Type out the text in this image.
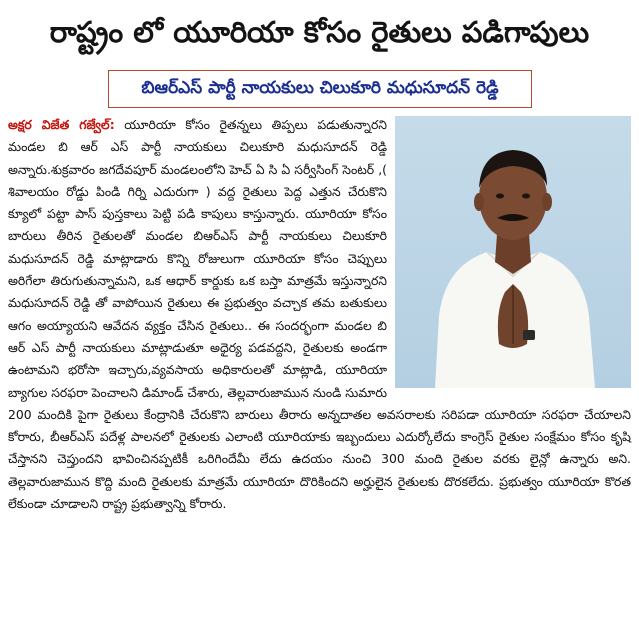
రాష్ట్రం లో యూరియా కోసం రైతులు పడిగాపులు
బిఆర్ఎస్ పార్టీ నాయకులు చిలుకూరి మధుసూదన్ రెడ్డి
అక్షర విజేత గజ్వేల్: యూరియా కోసం రైతన్నలు తిప్పలు పడుతున్నారని మండల బి ఆర్ ఎస్ పార్టీ నాయకులు చిలుకూరి మధుసూదన్ రెడ్డి అన్నారు.శుక్రవారం జగదేవపూర్ మండలంలోని హెచ్ ఏ సి ఏ సర్వీసింగ్ సెంటర్ ,( శివాలయం రోడ్డు పిండి గిర్ని ఎదురుగా ) వద్ద రైతులు పెద్ద ఎత్తున చేరుకొని క్యూలో పట్టా పాస్ పుస్తకాలు పెట్టి పడి కాపులు కాస్తున్నారు. యూరియా కోసం బారులు తీరిన రైతులతో మండల బిఆర్ఎస్ పార్టీ నాయకులు చిలుకూరి మధుసూదన్ రెడ్డి మాట్లాడారు కొన్ని రోజులుగా యూరియా కోసం చెప్పులు అరిగేలా తిరుగుతున్నామని, ఒక ఆధార్ కార్డుకు ఒక బస్తా మాత్రమే ఇస్తున్నారని మధుసూదన్ రెడ్డి తో వాపోయిన రైతులు ఈ ప్రభుత్వం వచ్చాక తమ బతుకులు ఆగం అయ్యాయని ఆవేదన వ్యక్తం చేసిన రైతులు.. ఈ సందర్భంగా మండల బి ఆర్ ఎస్ పార్టీ నాయకులు మాట్లాడుతూ అధైర్య పడవద్దని, రైతులకు అండగా ఉంటామని భరోసా ఇచ్చారు,వ్యవసాయ అధికారులతో మాట్లాడి, యూరియా బ్యాగుల సరఫరా పెంచాలని డిమాండ్ చేశారు, తెల్లవారుజామున నుండి సుమారు 200 మందికి పైగా రైతులు కేంద్రానికి చేరుకొని బారులు తీరారు అన్నదాతల అవసరాలకు సరిపడా యూరియా సరఫరా చేయాలని కోరారు, బీఆర్ఎస్ పదేళ్ల పాలనలో రైతులకు ఎలాంటి యూరియాకు ఇబ్బందులు ఎదుర్కోలేదు కాంగ్రెస్ రైతుల సంక్షేమం కోసం కృషి చేస్తానని చెప్తుందని భావించినప్పటికీ ఒరిగిందేమీ లేదు ఉదయం నుంచి 300 మంది రైతుల వరకు లైన్లో ఉన్నారు అని. తెల్లవారుజామున కొద్ది మంది రైతులకు మాత్రమే యూరియా దొరికిందని అర్హులైన రైతులకు దొరకలేదు. ప్రభుత్వం యూరియా కొరత లేకుండా చూడాలని రాష్ట్ర ప్రభుత్వాన్ని కోరారు.
